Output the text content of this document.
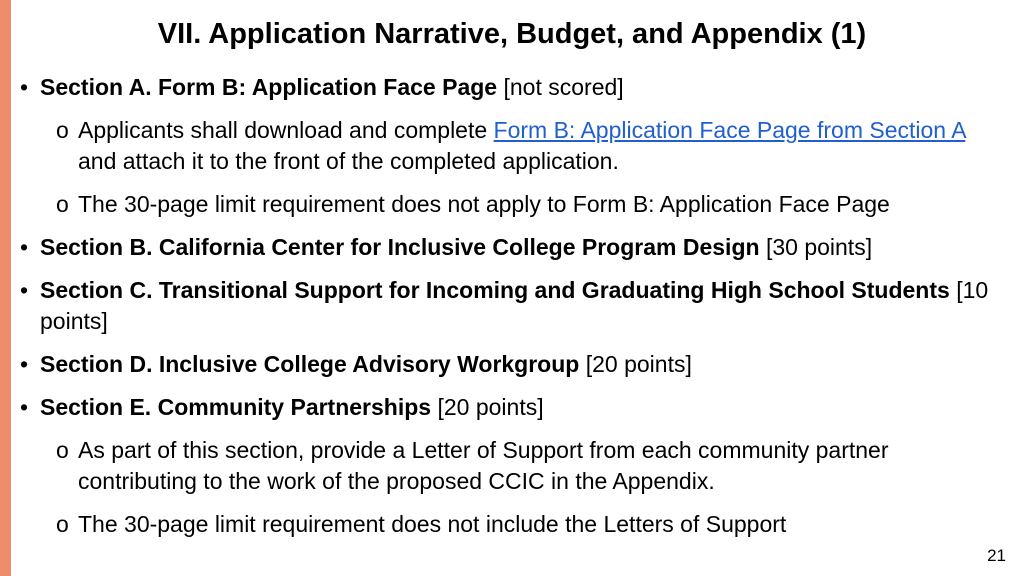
VII. Application Narrative, Budget, and Appendix (1)
• Section A. Form B: Application Face Page [not scored]
o Applicants shall download and complete Form B: Application Face Page from Section A and attach it to the front of the completed application.
o The 30-page limit requirement does not apply to Form B: Application Face Page
• Section B. California Center for Inclusive College Program Design [30 points]
• Section C. Transitional Support for Incoming and Graduating High School Students [10 points]
• Section D. Inclusive College Advisory Workgroup [20 points]
• Section E. Community Partnerships [20 points]
o As part of this section, provide a Letter of Support from each community partner contributing to the work of the proposed CCIC in the Appendix.
o The 30-page limit requirement does not include the Letters of Support
21
